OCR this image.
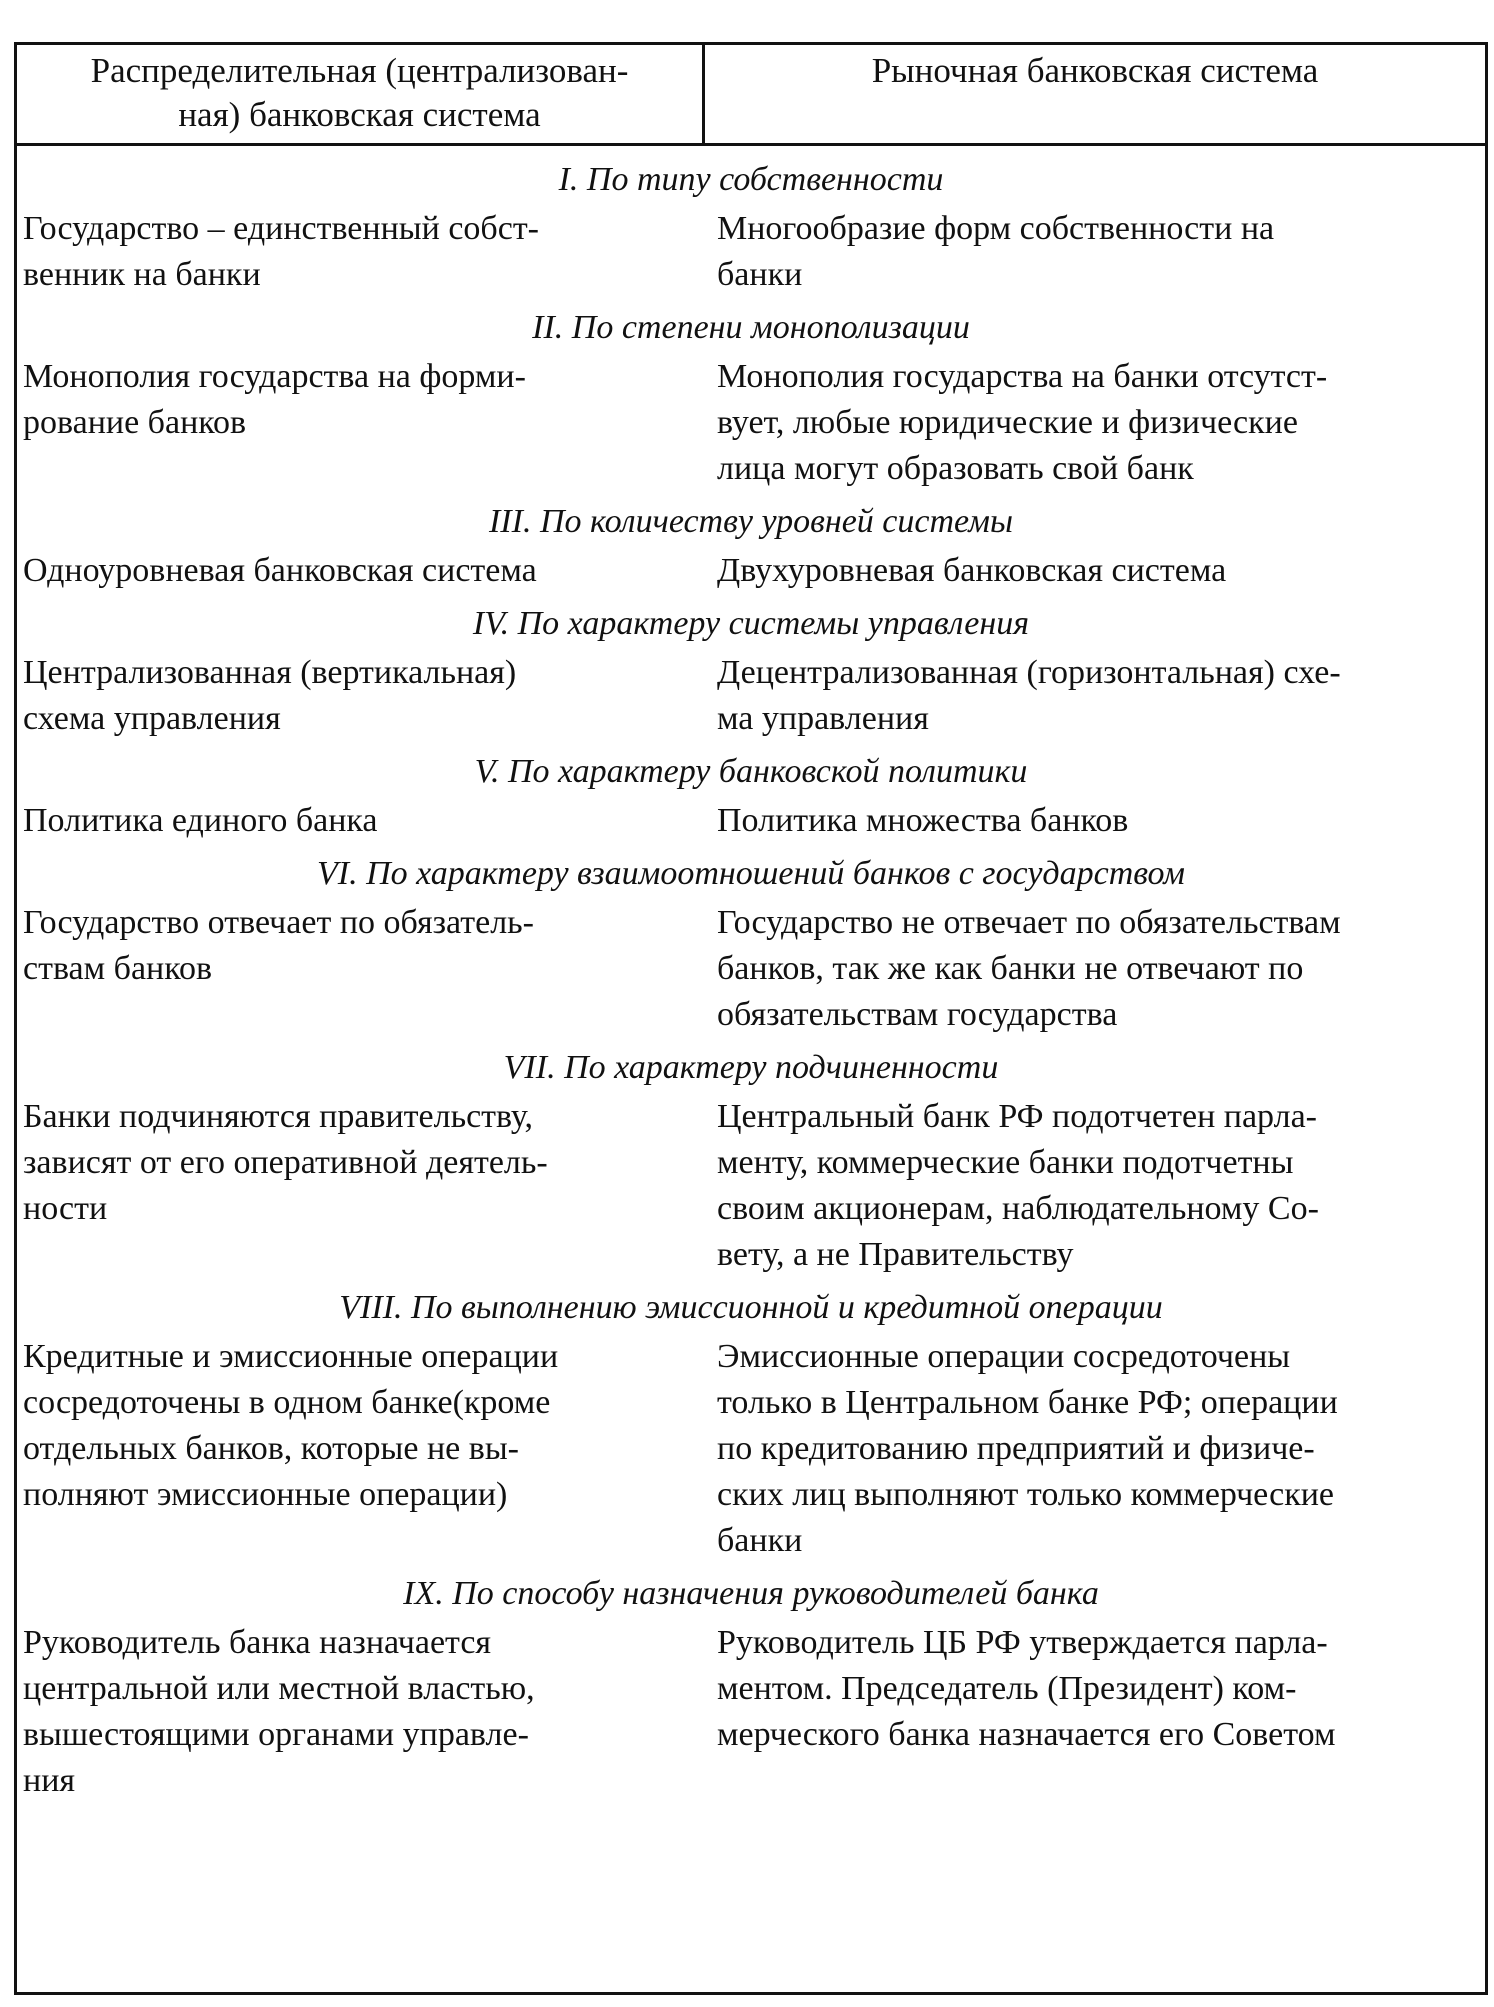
Распределительная (централизован-
ная) банковская система
Рыночная банковская система
I. По типу собственности
Государство – единственный собст-
венник на банки
Многообразие форм собственности на
банки
II. По степени монополизации
Монополия государства на форми-
рование банков
Монополия государства на банки отсутст-
вует, любые юридические и физические
лица могут образовать свой банк
III. По количеству уровней системы
Одноуровневая банковская система	Двухуровневая банковская система
IV. По характеру системы управления
Централизованная (вертикальная)
схема управления
Децентрализованная (горизонтальная) схе-
ма управления
V. По характеру банковской политики
Политика единого банка	Политика множества банков
VI. По характеру взаимоотношений банков с государством
Государство отвечает по обязатель-
ствам банков
Государство не отвечает по обязательствам
банков, так же как банки не отвечают по
обязательствам государства
VII. По характеру подчиненности
Банки подчиняются правительству,
зависят от его оперативной деятель-
ности
Центральный банк РФ подотчетен парла-
менту, коммерческие банки подотчетны
своим акционерам, наблюдательному Со-
вету, а не Правительству
VIII. По выполнению эмиссионной и кредитной операции
Кредитные и эмиссионные операции
сосредоточены в одном банке(кроме
отдельных банков, которые не вы-
полняют эмиссионные операции)
Эмиссионные операции сосредоточены
только в Центральном банке РФ; операции
по кредитованию предприятий и физиче-
ских лиц выполняют только коммерческие
банки
IX. По способу назначения руководителей банка
Руководитель банка назначается
центральной или местной властью,
вышестоящими органами управле-
ния
Руководитель ЦБ РФ утверждается парла-
ментом. Председатель (Президент) ком-
мерческого банка назначается его Советом
